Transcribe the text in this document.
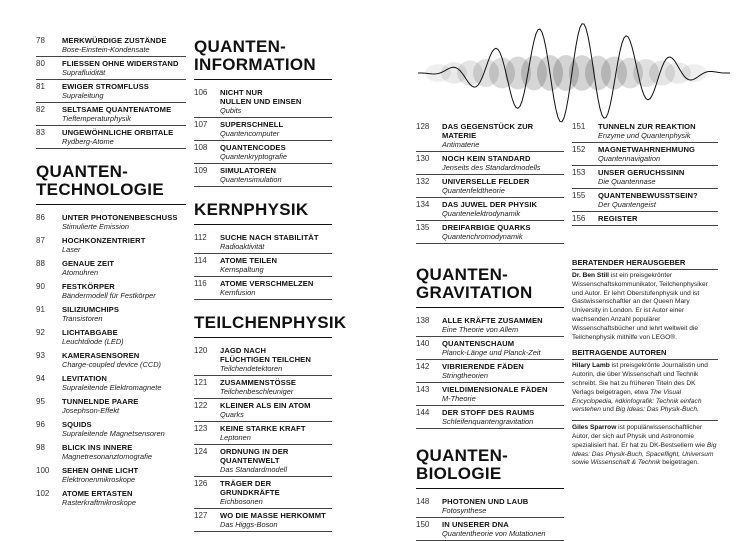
78 MERKWÜRDIGE ZUSTÄNDE
Bose-Einstein-Kondensate
80 FLIESSEN OHNE WIDERSTAND
Suprafluidität
81 EWIGER STROMFLUSS
Supraleitung
82 SELTSAME QUANTENATOME
Tieftemperaturphysik
83 UNGEWÖHNLICHE ORBITALE
Rydberg-Atome
QUANTEN-
TECHNOLOGIE
86 UNTER PHOTONENBESCHUSS
Stimulierte Emission
87 HOCHKONZENTRIERT
Laser
88 GENAUE ZEIT
Atomuhren
90 FESTKÖRPER
Bändermodell für Festkörper
91 SILIZIUMCHIPS
Transistoren
92 LICHTABGABE
Leuchtdiode (LED)
93 KAMERASENSOREN
Charge-coupled device (CCD)
94 LEVITATION
Supraleitende Elektromagnete
95 TUNNELNDE PAARE
Josephson-Effekt
96 SQUIDS
Supraleitende Magnetsensoren
98 BLICK INS INNERE
Magnetresonanztomografie
100 SEHEN OHNE LICHT
Elektronenmikroskope
102 ATOME ERTASTEN
Rasterkraftmikroskope
QUANTEN-
INFORMATION
106 NICHT NUR
NULLEN UND EINSEN
Qubits
107 SUPERSCHNELL
Quantencomputer
108 QUANTENCODES
Quantenkryptografie
109 SIMULATOREN
Quantensimulation
KERNPHYSIK
112 SUCHE NACH STABILITÄT
Radioaktivität
114 ATOME TEILEN
Kernspaltung
116 ATOME VERSCHMELZEN
Kernfusion
TEILCHENPHYSIK
120 JAGD NACH
FLÜCHTIGEN TEILCHEN
Teilchendetektoren
121 ZUSAMMENSTÖSSE
Teilchenbeschleuniger
122 KLEINER ALS EIN ATOM
Quarks
123 KEINE STARKE KRAFT
Leptonen
124 ORDNUNG IN DER
QUANTENWELT
Das Standardmodell
126 TRÄGER DER GRUNDKRÄFTE
Eichbosonen
127 WO DIE MASSE HERKOMMT
Das Higgs-Boson
128 DAS GEGENSTÜCK ZUR
MATERIE
Antimaterie
130 NOCH KEIN STANDARD
Jenseits des Standardmodells
132 UNIVERSELLE FELDER
Quantenfeldtheorie
134 DAS JUWEL DER PHYSIK
Quantenelektrodynamik
135 DREIFARBIGE QUARKS
Quantenchromodynamik
QUANTEN-
GRAVITATION
138 ALLE KRÄFTE ZUSAMMEN
Eine Theorie von Allem
140 QUANTENSCHAUM
Planck-Länge und Planck-Zeit
142 VIBRIERENDE FÄDEN
Stringtheorien
143 VIELDIMENSIONALE FÄDEN
M-Theorie
144 DER STOFF DES RAUMS
Schleifenquantengravitation
QUANTEN-
BIOLOGIE
148 PHOTONEN UND LAUB
Fotosynthese
150 IN UNSERER DNA
Quantentheorie von Mutationen
151 TUNNELN ZUR REAKTION
Enzyme und Quantenphysik
152 MAGNETWAHRNEHMUNG
Quantennavigation
153 UNSER GERUCHSSINN
Die Quantennase
155 QUANTENBEWUSSTSEIN?
Der Quantengeist
156 REGISTER
BERATENDER HERAUSGEBER
Dr. Ben Still ist ein preisgekrönter Wissenschaftskommunikator, Teilchenphysiker und Autor. Er lehrt Oberstufenphysik und ist Gastwissenschaftler an der Queen Mary University in London. Er ist Autor einer wachsenden Anzahl populärer Wissenschaftsbücher und lehrt weltweit die Teilchenphysik mithilfe von LEGO®.
BEITRAGENDE AUTOREN
Hilary Lamb ist preisgekrönte Journalistin und Autorin, die über Wissenschaft und Technik schreibt. Sie hat zu früheren Titeln des DK Verlags beigetragen, etwa The Visual Encyclopedia, #dkinfografik: Technik einfach verstehen und Big Ideas: Das Physik-Buch.
Giles Sparrow ist populärwissenschaftlicher Autor, der sich auf Physik und Astronomie spezialisiert hat. Er hat zu DK-Bestsellern wie Big Ideas: Das Physik-Buch, Spaceflight, Universum sowie Wissenschaft & Technik beigetragen.
